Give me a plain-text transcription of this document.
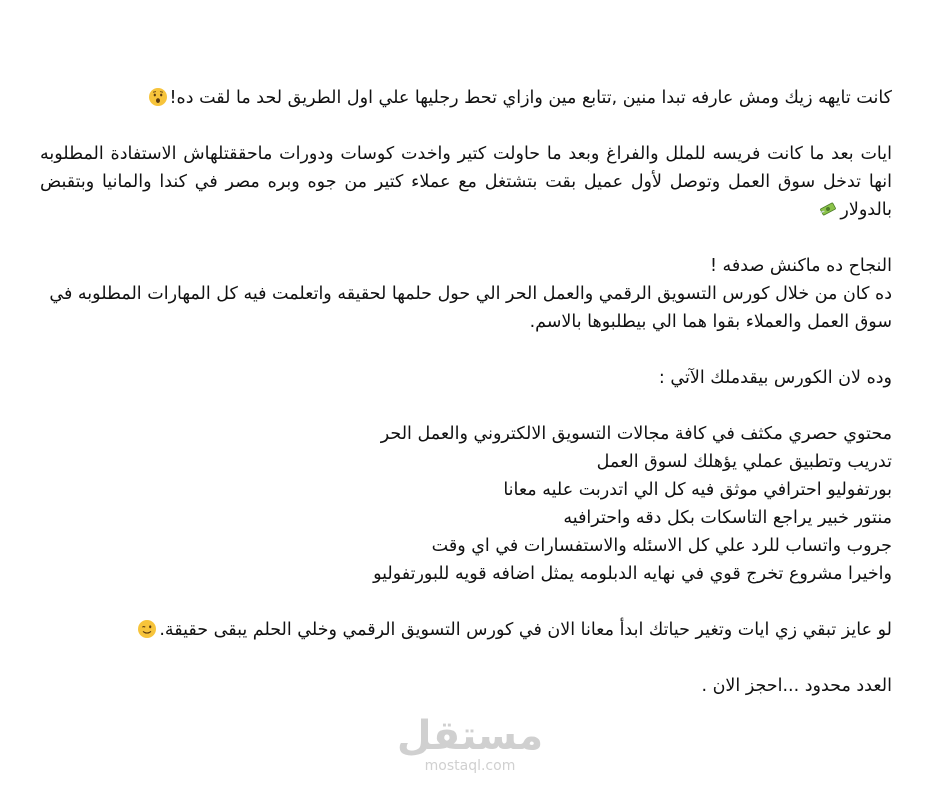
كانت تايهه زيك ومش عارفه تبدا منين ,تتابع مين وازاي تحط رجليها علي اول الطريق لحد ما لقت ده!

ايات بعد ما كانت فريسه للملل والفراغ وبعد ما حاولت كتير واخدت كوسات ودورات ماحققتلهاش الاستفادة المطلوبه انها تدخل سوق العمل وتوصل لأول عميل بقت بتشتغل مع عملاء كتير من جوه وبره مصر في كندا والمانيا وبتقبض بالدولار

النجاح ده ماكنش صدفه !
ده كان من خلال كورس التسويق الرقمي والعمل الحر الي حول حلمها لحقيقه واتعلمت فيه كل المهارات المطلوبه في سوق العمل والعملاء بقوا هما الي بيطلبوها بالاسم.

وده لان الكورس بيقدملك الآتي :

محتوي حصري مكثف في كافة مجالات التسويق الالكتروني والعمل الحر
تدريب وتطبيق عملي يؤهلك لسوق العمل
بورتفوليو احترافي موثق فيه كل الي اتدربت عليه معانا
منتور خبير يراجع التاسكات بكل دقه واحترافيه
جروب واتساب للرد علي كل الاسئله والاستفسارات في اي وقت
واخيرا مشروع تخرج قوي في نهايه الدبلومه يمثل اضافه قويه للبورتفوليو

لو عايز تبقي زي ايات وتغير حياتك ابدأ معانا الان في كورس التسويق الرقمي وخلي الحلم يبقى حقيقة.

العدد محدود ...احجز الان .

مستقل
mostaql.com
